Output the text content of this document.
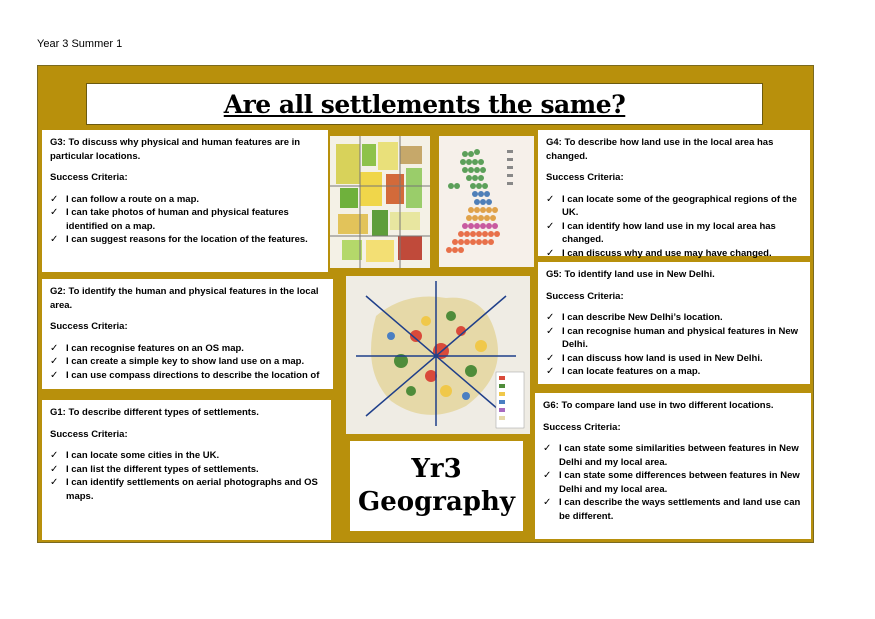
Year 3 Summer 1
Are all settlements the same?
G3: To discuss why physical and human features are in particular locations.
Success Criteria:
✓ I can follow a route on a map.
✓ I can take photos of human and physical features identified on a map.
✓ I can suggest reasons for the location of the features.
G2: To identify the human and physical features in the local area.
Success Criteria:
✓ I can recognise features on an OS map.
✓ I can create a simple key to show land use on a map.
✓ I can use compass directions to describe the location of
G1: To describe different types of settlements.
Success Criteria:
✓ I can locate some cities in the UK.
✓ I can list the different types of settlements.
✓ I can identify settlements on aerial photographs and OS maps.
Yr3
Geography
G4: To describe how land use in the local area has changed.
Success Criteria:
✓ I can locate some of the geographical regions of the UK.
✓ I can identify how land use in my local area has changed.
✓ I can discuss why and use may have changed.
G5: To identify land use in New Delhi.
Success Criteria:
✓ I can describe New Delhi’s location.
✓ I can recognise human and physical features in New Delhi.
✓ I can discuss how land is used in New Delhi.
✓ I can locate features on a map.
G6: To compare land use in two different locations.
Success Criteria:
✓ I can state some similarities between features in New Delhi and my local area.
✓ I can state some differences between features in New Delhi and my local area.
✓ I can describe the ways settlements and land use can be different.
